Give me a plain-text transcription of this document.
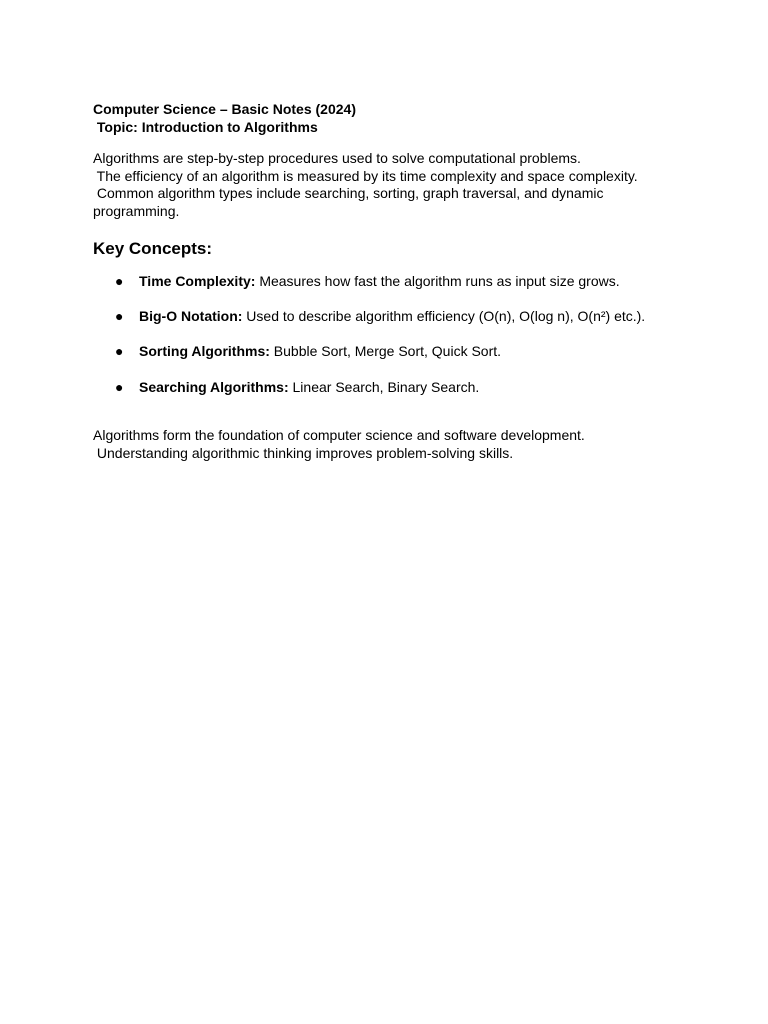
Computer Science – Basic Notes (2024)

Topic: Introduction to Algorithms

Algorithms are step-by-step procedures used to solve computational problems.

The efficiency of an algorithm is measured by its time complexity and space complexity.

Common algorithm types include searching, sorting, graph traversal, and dynamic

programming.

Key Concepts:
● Time Complexity: Measures how fast the algorithm runs as input size grows.
● Big-O Notation: Used to describe algorithm efficiency (O(n), O(log n), O(n²) etc.).
● Sorting Algorithms: Bubble Sort, Merge Sort, Quick Sort.
● Searching Algorithms: Linear Search, Binary Search.

Algorithms form the foundation of computer science and software development.

Understanding algorithmic thinking improves problem-solving skills.
